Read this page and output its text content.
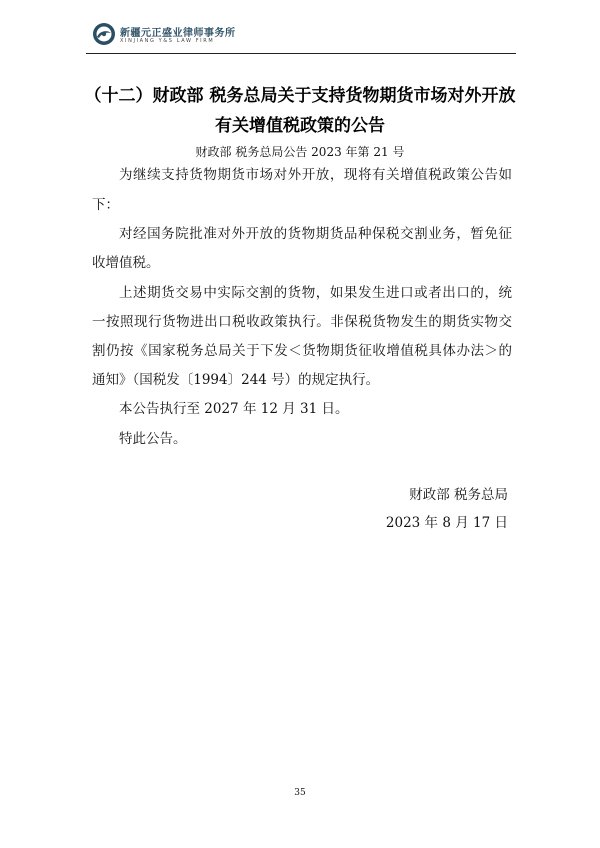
新疆元正盛业律师事务所
XINJIANG Y&S LAW FIRM
（十二）财政部 税务总局关于支持货物期货市场对外开放
有关增值税政策的公告
财政部 税务总局公告 2023 年第 21 号
为继续支持货物期货市场对外开放，现将有关增值税政策公告如
下：
对经国务院批准对外开放的货物期货品种保税交割业务，暂免征
收增值税。
上述期货交易中实际交割的货物，如果发生进口或者出口的，统
一按照现行货物进出口税收政策执行。非保税货物发生的期货实物交
割仍按《国家税务总局关于下发＜货物期货征收增值税具体办法＞的
通知》（国税发〔1994〕244 号）的规定执行。
本公告执行至 2027 年 12 月 31 日。
特此公告。
财政部 税务总局
2023 年 8 月 17 日
35
